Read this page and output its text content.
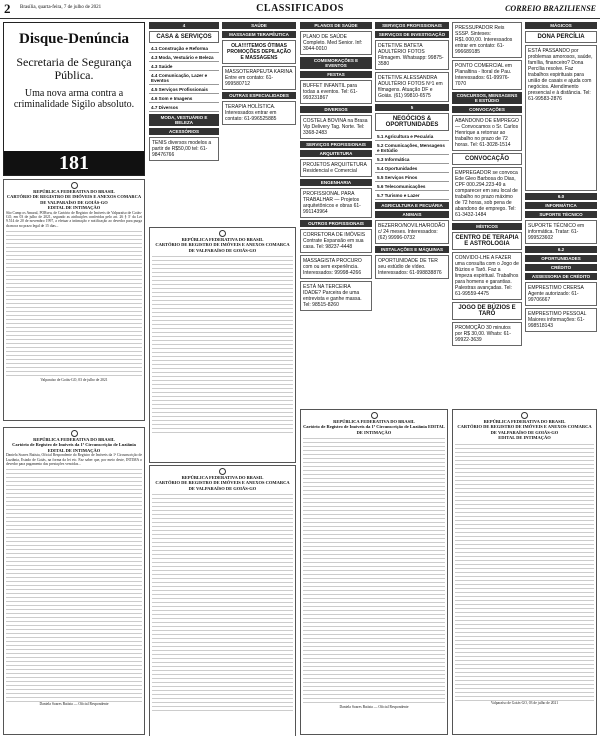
2 Brasília, quarta-feira, 7 de julho de 2021	CLASSIFICADOS	CORREIO BRAZILIENSE
Disque-Denúncia
Secretaria de Segurança Pública.
Uma nova arma contra a criminalidade Sigilo absoluto.
181
REPÚBLICA FEDERATIVA DO BRASIL
CARTÓRIO DE REGISTRO DE IMÓVEIS E ANEXOS COMARCA DE VALPARAÍSO DE GOIÁS-GO
EDITAL DE INTIMAÇÃO
São Camp os Amaral, PORseu, de Cartório de Registro de Imóveis de Valparaíso de Goiás-GO, em 03 de julho de 2021, segundo as atribuições conferidas pelo art. 26 § 3º da Lei 9.514 de 20 de novembro 1997, a efetuar a intimação e notificação ao devedor para purga da mora no prazo legal de 15 dias...
Valparaíso de Goiás-GO, 03 de julho de 2021
REPÚBLICA FEDERATIVA DO BRASIL
Cartório de Registro de Imóveis da 1ª Circunscrição de Luziânia EDITAL DE INTIMAÇÃO
Daniela Soares Batista, Oficial Respondente do Registro de Imóveis da 1ª Circunscrição de Luziânia, Estado de Goiás, na forma da lei etc. Faz saber que, por meio deste, INTIMA o devedor para pagamento das prestações vencidas...
Daniela Soares Batista — Oficial Respondente
4
CASA & SERVIÇOS
4.1 Construção e Reforma
4.3 Moda, Vestuário e Beleza
4.3 Saúde
4.4 Comunicação, Lazer e Eventos
4.5 Serviços Profissionais
4.6 Som e Imagens
4.7 Diversos
MODA, VESTUÁRIO E BELEZA
ACESSÓRIOS
TENIS diversos modelos a partir de R$50,00 tel: 61-98476766
SAÚDE
MASSAGEM TERAPÊUTICA
OLA!!!!TEMOS ÓTIMAS PROMOÇÕES DEPILAÇÃO E MASSAGENS
MASSOTERAPEUTA KARINA Entre em contato: 61-999580712
OUTRAS ESPECIALIDADES
TERAPIA HOLÍSTICA. Interessados entrar em contato: 61-996525885
REPÚBLICA FEDERATIVA DO BRASIL
CARTÓRIO DE REGISTRO DE IMÓVEIS E ANEXOS COMARCA DE VALPARAÍSO DE GOIÁS-GO
REPÚBLICA FEDERATIVA DO BRASIL
CARTÓRIO DE REGISTRO DE IMÓVEIS E ANEXOS COMARCA DE VALPARAÍSO DE GOIÁS-GO
PLANOS DE SAÚDE
PLANO DE SAÚDE Completo. Med Senior. Inf: 3044-0010
COMEMORAÇÕES E EVENTOS
FESTAS
BUFFET INFANTIL para todas a eventos. Tel: 61-993231867
DIVERSOS
COSTELA BOVINA na Brasa Vip Delivery Tag. Norte. Tel: 3368-2483
SERVIÇOS PROFISSIONAIS
ARQUITETURA
PROJETOS ARQUITETURA Residencial e Comercial
ENGENHARIA
PROFISSIONAL PARA TRABALHAR — Projetos arquitetônicos e obras 61-991143964
OUTROS PROFISSIONAIS
CORRETORA DE IMÓVEIS Contrate Expansão em sua casa. Tel: 98237-4448
MASSAGISTA PROCURO com ou sem experiência. Interessados: 99998-4266
ESTÁ NA TERCEIRA IDADE? Parceira de uma entrevista e ganhe massa. Tel: 98515-8260
SERVIÇOS PROFISSIONAIS
SERVIÇOS DE INVESTIGAÇÃO
DETETIVE BATETA ADULTÉRIO FOTOS Filmagem. Whatsapp: 99875-3580
DETETIVE ALESSANDRA ADULTÉRIO FOTOS Nº1 em filmagens. Atuação DF e Goiás. (61) 99810-6575
5
NEGÓCIOS & OPORTUNIDADES
5.1 Agricultura e Pecuária
5.2 Comunicações, Mensagens e Estúdio
5.3 Informática
5.4 Oportunidades
5.5 Serviços Finos
5.6 Telecomunicações
5.7 Turismo e Lazer
AGRICULTURA E PECUÁRIA
ANIMAIS
BEZERRO/NOVILHA/RODÃO c/ 24 meses. Interessados: (62) 99996-0732
INSTALAÇÕES E MÁQUINAS
OPORTUNIDADE DE TER seu estúdio de vídeo. Interessados: 61-998838876
PRESSUPADOR Reis SSSP. Sinteses: R$1.000,00. Interessados entrar em contato: 61-996689185
PONTO COMERCIAL em Planaltina - Itoral de Pau. Interessados: 61-99976-7070
CONCURSOS, MENSAGENS E ESTÚDIO
CONVOCAÇÕES
ABANDONO DE EMPREGO — Convocamos o Sr. Carlos Henrique a retornar ao trabalho no prazo de 72 horas. Tel: 61-3028-1514
CONVOCAÇÃO
EMPREGADOR se convoca Ede Gleo Barbosa do Dias, CPF 000.294.223-49 a comparecer em seu local de trabalho no prazo máximo de 72 horas, sob pena de abandono de emprego. Tel: 61-3432-1484
MÍSTICOS
CENTRO DE TERAPIA E ASTROLOGIA
CONVIDO-LHE A FAZER uma consulta com o Jogo de Búzios e Tarô. Faz a limpeza espiritual. Trabalhos para homens e garantias. Palestras avançadas. Tel: 61-99559-4475
JOGO DE BÚZIOS E TARÔ
PROMOÇÃO 30 minutos por R$ 30,00. Whats: 61-99922-3639
MÁGICOS
DONA PERCÍLIA
ESTÁ PASSANDO por problemas amorosos, saúde, família, financeiro? Dona Percília resolve. Faz trabalhos espirituais para união de casais e ajuda com negócios. Atendimento presencial e à distância. Tel: 61-99583-2876
6.0
INFORMÁTICA
SUPORTE TÉCNICO
SUPORTE TÉCNICO em informática. Tratar: 61-999523602
6.2
OPORTUNIDADES
CRÉDITO
ASSESSORIA DE CRÉDITO
EMPRESTIMO CRERSA Agente autorizado: 61-99706667
EMPRESTIMO PESSOAL Maiores informações: 61-998518143
REPÚBLICA FEDERATIVA DO BRASIL
Cartório de Registro de Imóveis da 1ª Circunscrição de Luziânia EDITAL DE INTIMAÇÃO
Daniela Soares Batista — Oficial Respondente
REPÚBLICA FEDERATIVA DO BRASIL
CARTÓRIO DE REGISTRO DE IMÓVEIS E ANEXOS COMARCA DE VALPARAÍSO DE GOIÁS-GO
EDITAL DE INTIMAÇÃO
Valparaíso de Goiás-GO, 03 de julho de 2021
